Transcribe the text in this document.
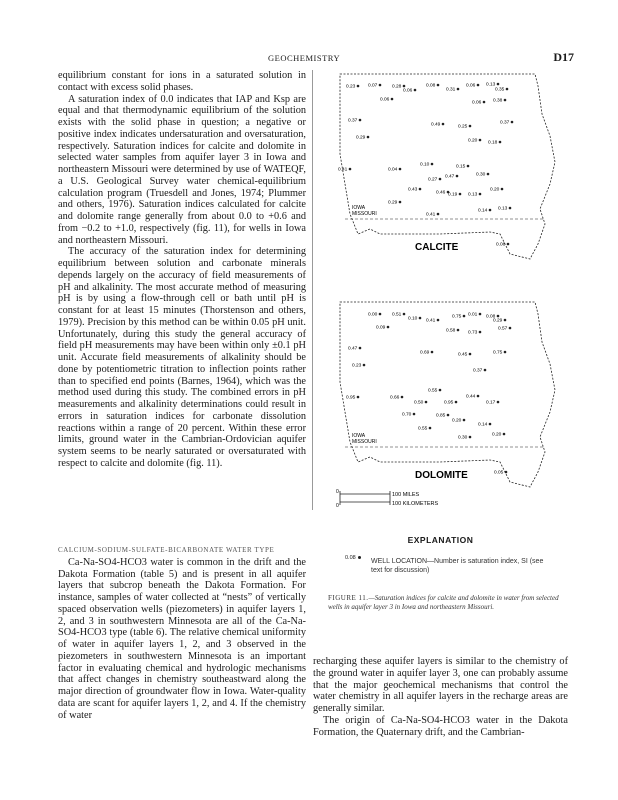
GEOCHEMISTRY	D17

equilibrium constant for ions in a saturated solution in contact with excess solid phases.

A saturation index of 0.0 indicates that IAP and Ksp are equal and that thermodynamic equilibrium of the solution exists with the solid phase in question; a negative or positive index indicates undersaturation and oversaturation, respectively. Saturation indices for calcite and dolomite in selected water samples from aquifer layer 3 in Iowa and northeastern Missouri were determined by use of WATEQF, a U.S. Geological Survey water chemical-equilibrium calculation program (Truesdell and Jones, 1974; Plummer and others, 1976). Saturation indices calculated for calcite and dolomite range generally from about 0.0 to +0.6 and from −0.2 to +1.0, respectively (fig. 11), for wells in Iowa and northeastern Missouri.

The accuracy of the saturation index for determining equilibrium between solution and carbonate minerals depends largely on the accuracy of field measurements of pH and alkalinity. The most accurate method of measuring pH is by using a flow-through cell or bath until pH is constant for at least 15 minutes (Thorstenson and others, 1979). Precision by this method can be within 0.05 pH unit. Unfortunately, during this study the general accuracy of field pH measurements may have been within only ±0.1 pH unit. Accurate field measurements of alkalinity should be done by potentiometric titration to inflection points rather than to specified end points (Barnes, 1964), which was the method used during this study. The combined errors in pH measurements and alkalinity determinations could result in errors in saturation indices for carbonate dissolution reactions within a range of 20 percent. Within these error limits, ground water in the Cambrian-Ordovician aquifer system seems to be nearly saturated or oversaturated with respect to calcite and dolomite (fig. 11).

CALCIUM-SODIUM-SULFATE-BICARBONATE WATER TYPE

Ca-Na-SO4-HCO3 water is common in the drift and the Dakota Formation (table 5) and is present in all aquifer layers that subcrop beneath the Dakota Formation. For instance, samples of water collected at “nests” of vertically spaced observation wells (piezometers) in aquifer layers 1, 2, and 3 in southwestern Minnesota are all of the Ca-Na-SO4-HCO3 type (table 6). The relative chemical uniformity of water in aquifer layers 1, 2, and 3 observed in the piezometers in southwestern Minnesota is an important factor in evaluating chemical and hydrologic mechanisms that affect changes in chemistry southeastward along the major direction of groundwater flow in Iowa. Water-quality data are scant for aquifer layers 1, 2, and 4. If the chemistry of water

IOWA
MISSOURI
CALCITE
0.23	0.07	0.28
0.06
0.08
0.31
0.06 0.13
0.35
0.06
0.06 0.38
0.37
0.49	0.25
0.37
0.29
0.20 0.18
0.41	0.04
0.10
0.27
0.47
0.15
0.30
0.43
0.46 0.19 0.13
0.20
0.14 0.13
0.29
0.41
0.08
IOWA
MISSOURI
DOLOMITE
0.00	0.51
0.10 0.41
0.75 0.01 0.08
0.29
0.09
0.58	0.73
0.57
0.47
0.69	0.45	0.75
0.23
0.37
0.95
0.55
0.66
0.50	0.95
0.44
0.17
0.70	0.85
0.20
0.14
0.55
0.30
0.20
0.05
0
0
100 MILES
100 KILOMETERS
EXPLANATION
0.08	WELL LOCATION—Number is saturation index, SI (see text for discussion)
FIGURE 11.—Saturation indices for calcite and dolomite in water from selected wells in aquifer layer 3 in Iowa and northeastern Missouri.

recharging these aquifer layers is similar to the chemistry of the ground water in aquifer layer 3, one can probably assume that the major geochemical mechanisms that control the water chemistry in all aquifer layers in the recharge areas are generally similar.

The origin of Ca-Na-SO4-HCO3 water in the Dakota Formation, the Quaternary drift, and the Cambrian-
